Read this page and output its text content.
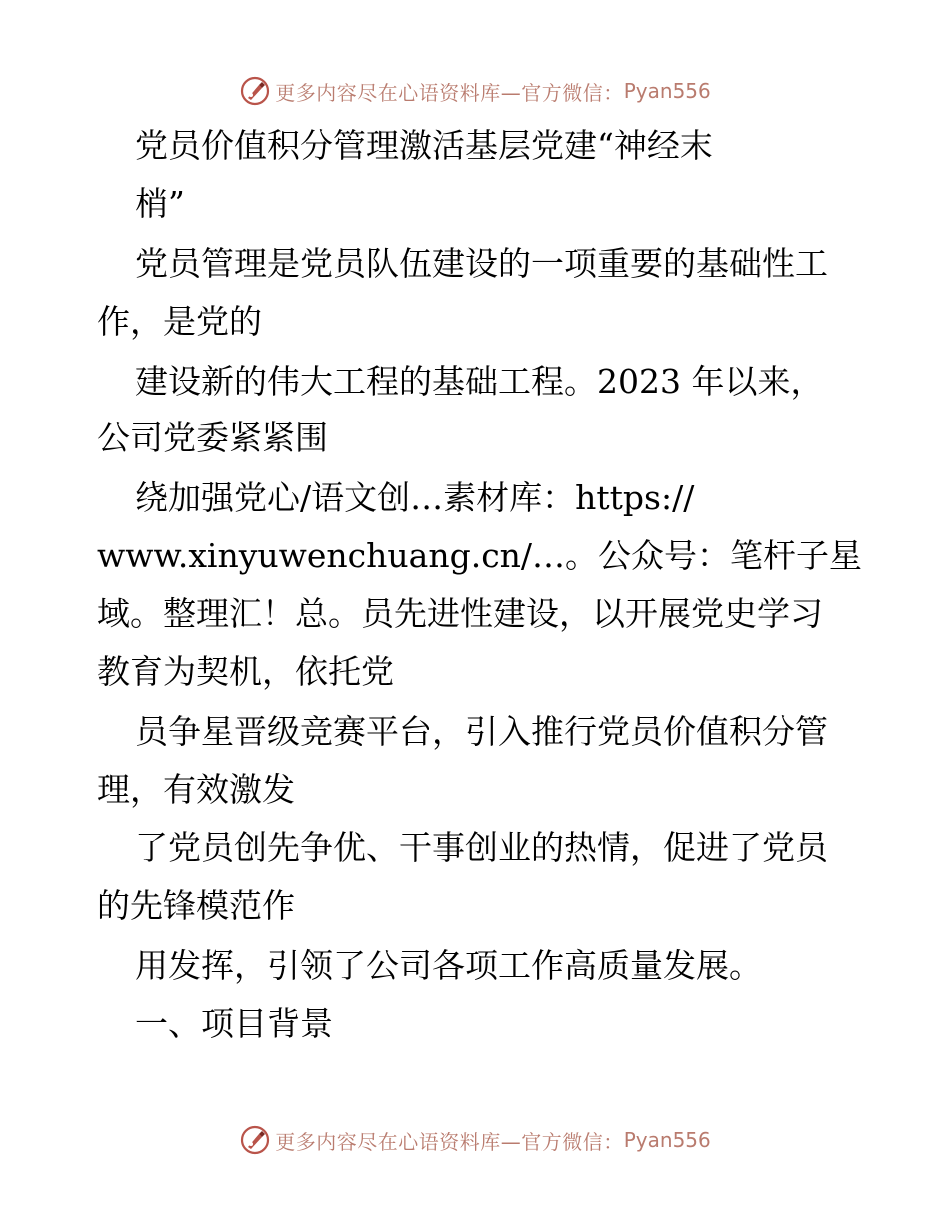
更多内容尽在心语资料库—官方微信： Pyan556
党员价值积分管理激活基层党建“神经末
梢”
党员管理是党员队伍建设的一项重要的基础性工
作，是党的
建设新的伟大工程的基础工程。2023 年以来，
公司党委紧紧围
绕加强党心/语文创…素材库：https://
www.xinyuwenchuang.cn/…。公众号：笔杆子星
域。整理汇！总。员先进性建设，以开展党史学习
教育为契机，依托党
员争星晋级竞赛平台，引入推行党员价值积分管
理，有效激发
了党员创先争优、干事创业的热情，促进了党员
的先锋模范作
用发挥，引领了公司各项工作高质量发展。
一、项目背景
更多内容尽在心语资料库—官方微信： Pyan556
